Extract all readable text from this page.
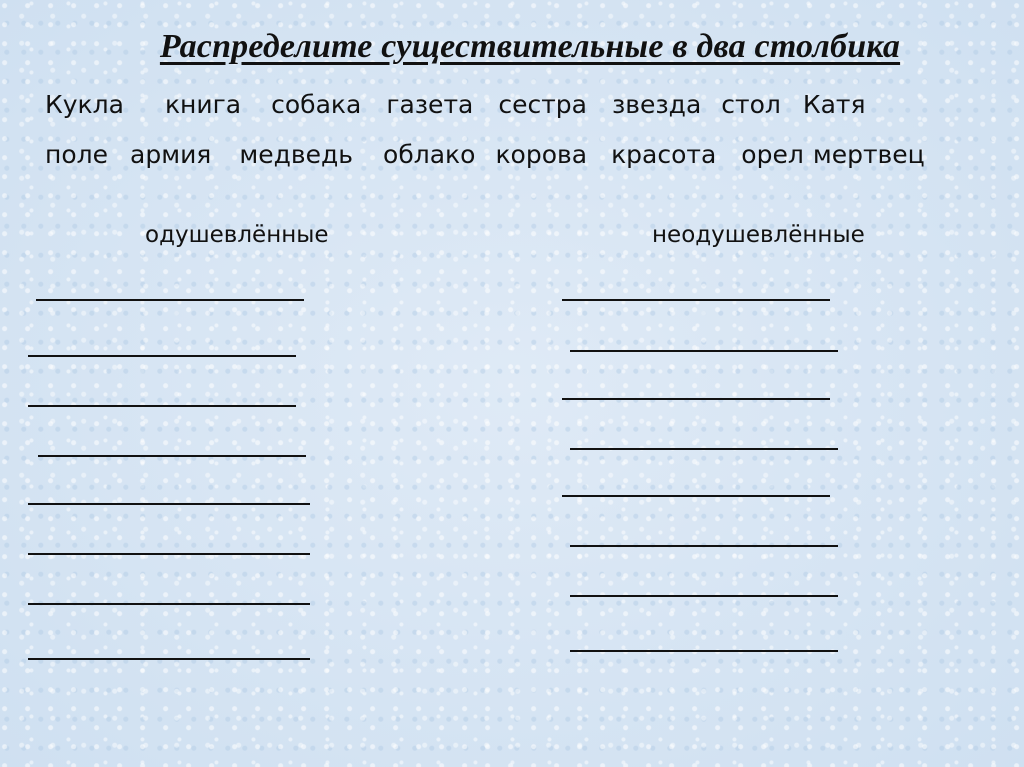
Распределите существительные в два столбика
Кукла книга собака газета сестра звезда стол Катя
поле армия медведь облако корова красота орел мертвец
одушевлённые	неодушевлённые
